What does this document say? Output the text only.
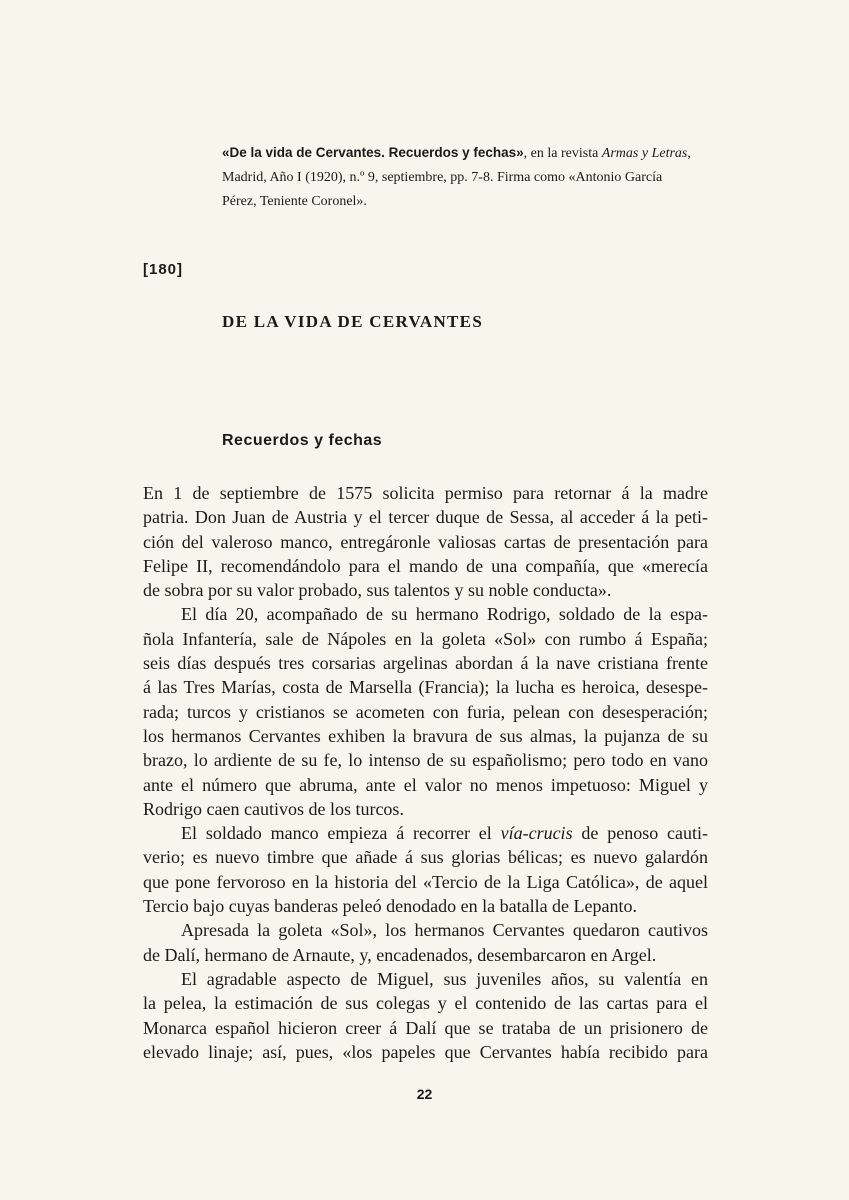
«De la vida de Cervantes. Recuerdos y fechas», en la revista Armas y Letras,
Madrid, Año I (1920), n.º 9, septiembre, pp. 7-8. Firma como «Antonio García
Pérez, Teniente Coronel».
[180]
DE LA VIDA DE CERVANTES
Recuerdos y fechas
En 1 de septiembre de 1575 solicita permiso para retornar á la madre
patria. Don Juan de Austria y el tercer duque de Sessa, al acceder á la peti-
ción del valeroso manco, entregáronle valiosas cartas de presentación para
Felipe II, recomendándolo para el mando de una compañía, que «merecía
de sobra por su valor probado, sus talentos y su noble conducta».
El día 20, acompañado de su hermano Rodrigo, soldado de la espa-
ñola Infantería, sale de Nápoles en la goleta «Sol» con rumbo á España;
seis días después tres corsarias argelinas abordan á la nave cristiana frente
á las Tres Marías, costa de Marsella (Francia); la lucha es heroica, desespe-
rada; turcos y cristianos se acometen con furia, pelean con desesperación;
los hermanos Cervantes exhiben la bravura de sus almas, la pujanza de su
brazo, lo ardiente de su fe, lo intenso de su españolismo; pero todo en vano
ante el número que abruma, ante el valor no menos impetuoso: Miguel y
Rodrigo caen cautivos de los turcos.
El soldado manco empieza á recorrer el vía-crucis de penoso cauti-
verio; es nuevo timbre que añade á sus glorias bélicas; es nuevo galardón
que pone fervoroso en la historia del «Tercio de la Liga Católica», de aquel
Tercio bajo cuyas banderas peleó denodado en la batalla de Lepanto.
Apresada la goleta «Sol», los hermanos Cervantes quedaron cautivos
de Dalí, hermano de Arnaute, y, encadenados, desembarcaron en Argel.
El agradable aspecto de Miguel, sus juveniles años, su valentía en
la pelea, la estimación de sus colegas y el contenido de las cartas para el
Monarca español hicieron creer á Dalí que se trataba de un prisionero de
elevado linaje; así, pues, «los papeles que Cervantes había recibido para
22
